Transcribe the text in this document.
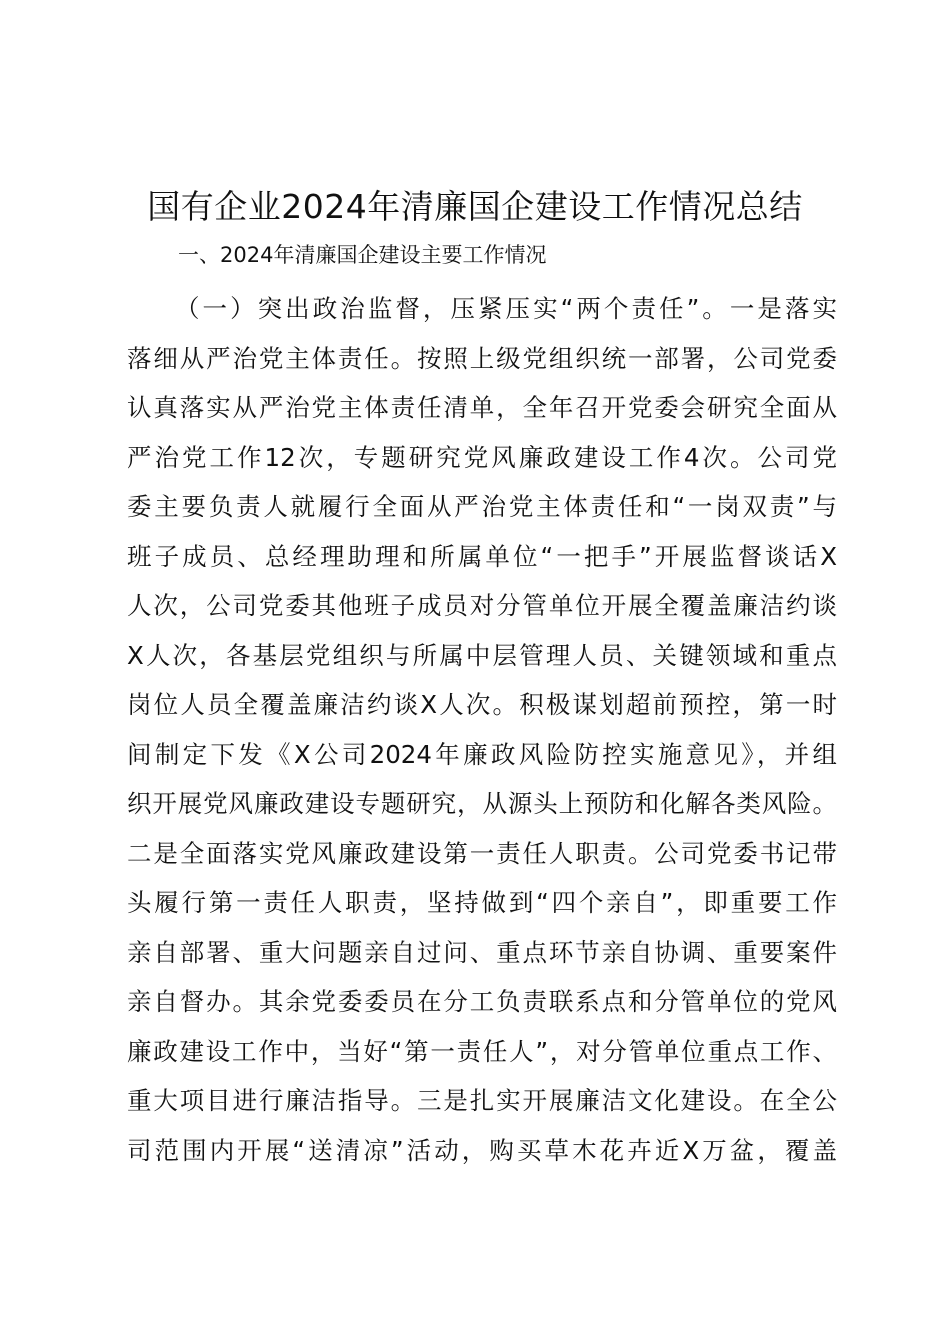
国有企业2024年清廉国企建设工作情况总结
一、2024年清廉国企建设主要工作情况
（一）突出政治监督，压紧压实“两个责任”。一是落实
落细从严治党主体责任。按照上级党组织统一部署，公司党委
认真落实从严治党主体责任清单，全年召开党委会研究全面从
严治党工作12次，专题研究党风廉政建设工作4次。公司党
委主要负责人就履行全面从严治党主体责任和“一岗双责”与
班子成员、总经理助理和所属单位“一把手”开展监督谈话X
人次，公司党委其他班子成员对分管单位开展全覆盖廉洁约谈
X人次，各基层党组织与所属中层管理人员、关键领域和重点
岗位人员全覆盖廉洁约谈X人次。积极谋划超前预控，第一时
间制定下发《X公司2024年廉政风险防控实施意见》，并组
织开展党风廉政建设专题研究，从源头上预防和化解各类风险。
二是全面落实党风廉政建设第一责任人职责。公司党委书记带
头履行第一责任人职责，坚持做到“四个亲自”，即重要工作
亲自部署、重大问题亲自过问、重点环节亲自协调、重要案件
亲自督办。其余党委委员在分工负责联系点和分管单位的党风
廉政建设工作中，当好“第一责任人”，对分管单位重点工作、
重大项目进行廉洁指导。三是扎实开展廉洁文化建设。在全公
司范围内开展“送清凉”活动，购买草木花卉近X万盆，覆盖
